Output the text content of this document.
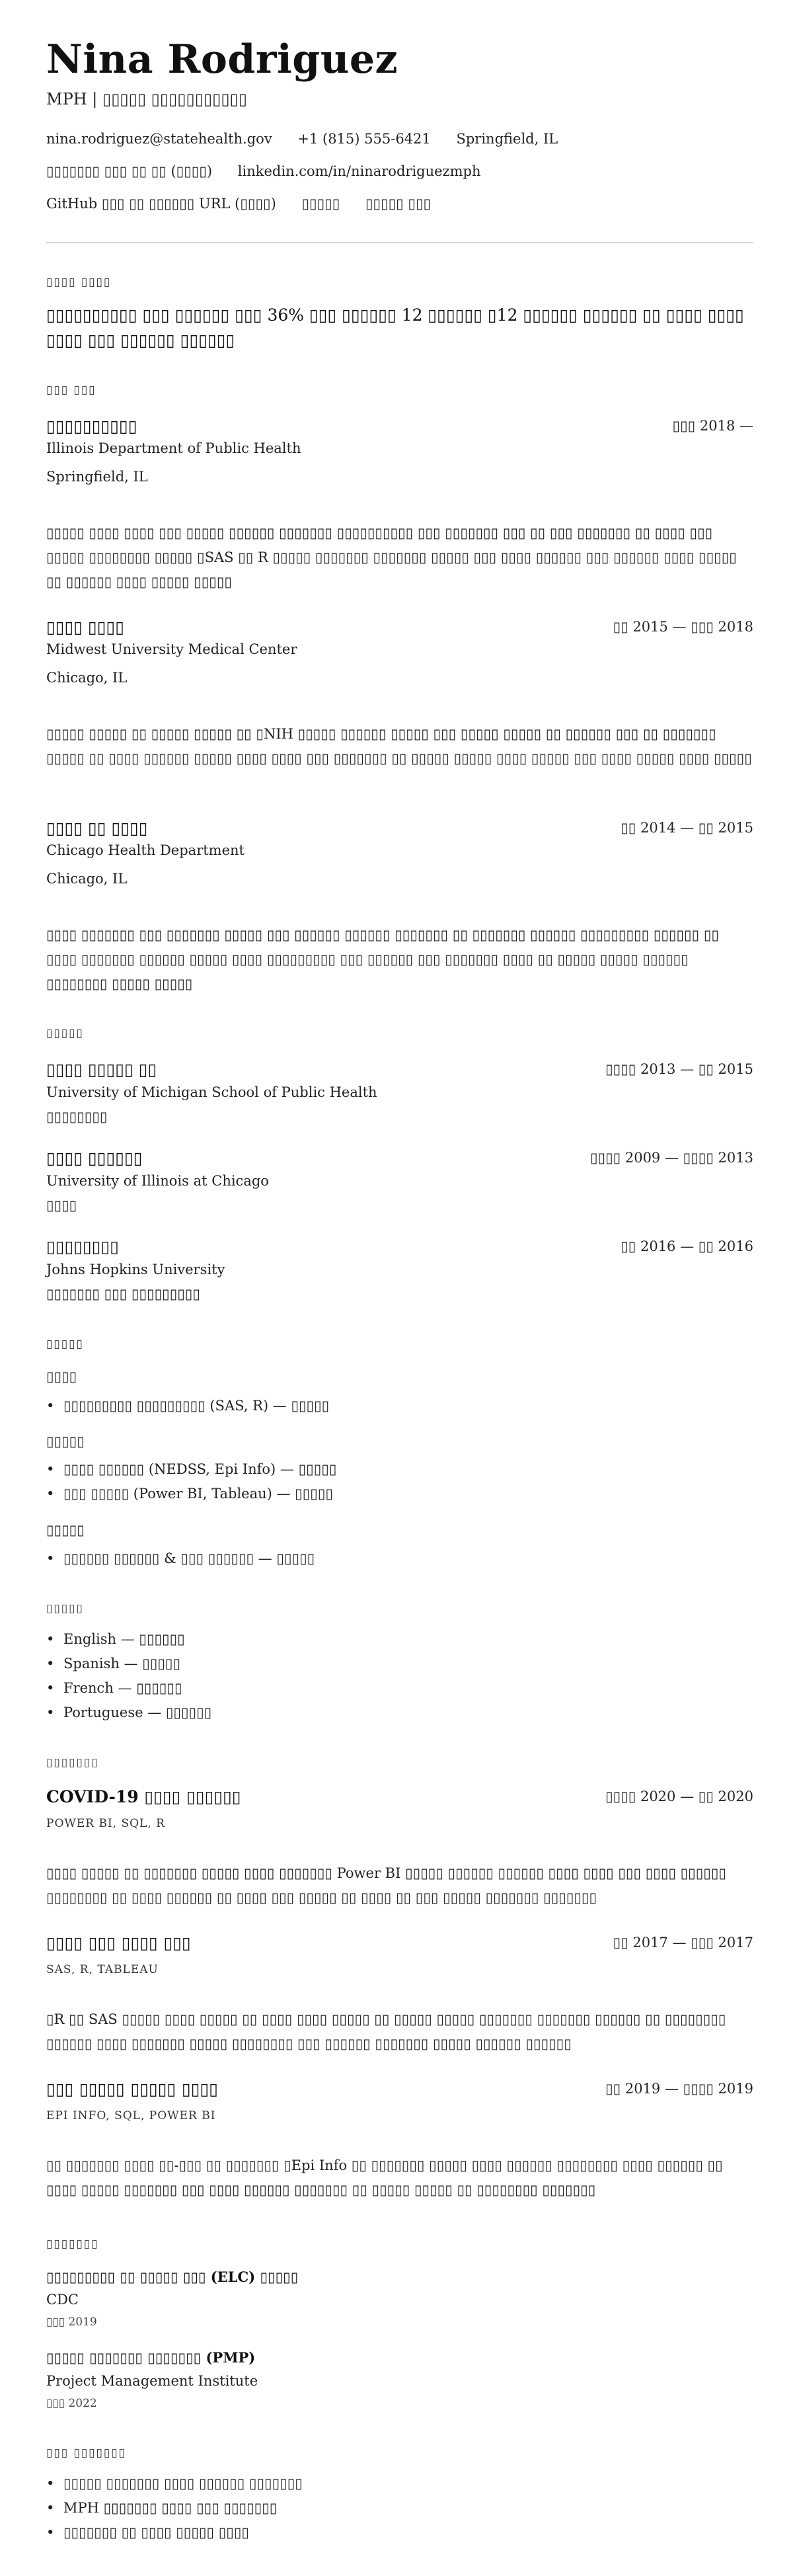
Nina Rodriguez
MPH | ▯▯▯▯▯ ▯▯▯▯▯▯▯▯▯▯▯
nina.rodriguez@statehealth.gov +1 (815) 555-6421 Springfield, IL
▯▯▯▯▯▯▯ ▯▯▯ ▯▯ ▯▯ (▯▯▯▯) linkedin.com/in/ninarodriguezmph
GitHub ▯▯▯ ▯▯ ▯▯▯▯▯▯ URL (▯▯▯▯) ▯▯▯▯▯ ▯▯▯▯▯ ▯▯▯
▯▯▯▯ ▯▯▯▯
▯▯▯▯▯▯▯▯▯▯ ▯▯▯ ▯▯▯▯▯▯ ▯▯▯ 36% ▯▯▯ ▯▯▯▯▯▯ 12 ▯▯▯▯▯▯ ▯12 ▯▯▯▯▯▯ ▯▯▯▯▯▯ ▯▯ ▯▯▯▯ ▯▯▯▯ ▯▯▯▯ ▯▯▯ ▯▯▯▯▯▯ ▯▯▯▯▯▯
▯▯▯ ▯▯▯
▯▯▯▯▯▯▯▯▯▯	▯▯▯ 2018 —
Illinois Department of Public Health
Springfield, IL
▯▯▯▯▯ ▯▯▯▯ ▯▯▯▯ ▯▯▯ ▯▯▯▯▯ ▯▯▯▯▯▯ ▯▯▯▯▯▯▯ ▯▯▯▯▯▯▯▯▯▯ ▯▯▯ ▯▯▯▯▯▯▯ ▯▯▯ ▯▯ ▯▯▯ ▯▯▯▯▯▯▯ ▯▯ ▯▯▯▯ ▯▯▯ ▯▯▯▯▯ ▯▯▯▯▯▯▯▯ ▯▯▯▯▯ ▯SAS ▯▯ R ▯▯▯▯▯ ▯▯▯▯▯▯▯ ▯▯▯▯▯▯▯ ▯▯▯▯▯ ▯▯▯ ▯▯▯▯ ▯▯▯▯▯▯ ▯▯▯ ▯▯▯▯▯▯ ▯▯▯▯ ▯▯▯▯▯ ▯▯ ▯▯▯▯▯▯ ▯▯▯▯ ▯▯▯▯▯ ▯▯▯▯▯
▯▯▯▯ ▯▯▯▯	▯▯ 2015 — ▯▯▯ 2018
Midwest University Medical Center
Chicago, IL
▯▯▯▯▯ ▯▯▯▯▯ ▯▯ ▯▯▯▯▯ ▯▯▯▯▯ ▯▯ ▯NIH ▯▯▯▯▯ ▯▯▯▯▯▯ ▯▯▯▯▯ ▯▯▯ ▯▯▯▯▯ ▯▯▯▯▯ ▯▯ ▯▯▯▯▯▯ ▯▯▯ ▯▯ ▯▯▯▯▯▯▯ ▯▯▯▯▯ ▯▯ ▯▯▯▯ ▯▯▯▯▯▯ ▯▯▯▯▯ ▯▯▯▯ ▯▯▯▯ ▯▯▯ ▯▯▯▯▯▯▯ ▯▯ ▯▯▯▯▯ ▯▯▯▯▯ ▯▯▯▯ ▯▯▯▯▯ ▯▯▯ ▯▯▯▯ ▯▯▯▯▯ ▯▯▯▯ ▯▯▯▯▯
▯▯▯▯ ▯▯ ▯▯▯▯	▯▯ 2014 — ▯▯ 2015
Chicago Health Department
Chicago, IL
▯▯▯▯ ▯▯▯▯▯▯▯ ▯▯▯ ▯▯▯▯▯▯▯ ▯▯▯▯▯ ▯▯▯ ▯▯▯▯▯▯ ▯▯▯▯▯▯ ▯▯▯▯▯▯▯ ▯▯ ▯▯▯▯▯▯▯ ▯▯▯▯▯▯ ▯▯▯▯▯▯▯▯▯ ▯▯▯▯▯▯ ▯▯ ▯▯▯▯ ▯▯▯▯▯▯▯ ▯▯▯▯▯▯ ▯▯▯▯▯ ▯▯▯▯ ▯▯▯▯▯▯▯▯▯ ▯▯▯ ▯▯▯▯▯▯ ▯▯▯ ▯▯▯▯▯▯▯ ▯▯▯▯ ▯▯ ▯▯▯▯▯ ▯▯▯▯▯ ▯▯▯▯▯▯ ▯▯▯▯▯▯▯▯ ▯▯▯▯▯ ▯▯▯▯▯
▯▯▯▯▯
▯▯▯▯ ▯▯▯▯▯ ▯▯	▯▯▯▯ 2013 — ▯▯ 2015
University of Michigan School of Public Health
▯▯▯▯▯▯▯▯
▯▯▯▯ ▯▯▯▯▯▯	▯▯▯▯ 2009 — ▯▯▯▯ 2013
University of Illinois at Chicago
▯▯▯▯
▯▯▯▯▯▯▯▯	▯▯ 2016 — ▯▯ 2016
Johns Hopkins University
▯▯▯▯▯▯▯ ▯▯▯ ▯▯▯▯▯▯▯▯▯
▯▯▯▯▯
▯▯▯▯
• ▯▯▯▯▯▯▯▯▯ ▯▯▯▯▯▯▯▯▯ (SAS, R) — ▯▯▯▯▯
▯▯▯▯▯
• ▯▯▯▯ ▯▯▯▯▯▯ (NEDSS, Epi Info) — ▯▯▯▯▯
• ▯▯▯ ▯▯▯▯▯ (Power BI, Tableau) — ▯▯▯▯▯
▯▯▯▯▯
• ▯▯▯▯▯▯ ▯▯▯▯▯▯ & ▯▯▯ ▯▯▯▯▯▯ — ▯▯▯▯▯
▯▯▯▯▯
• English — ▯▯▯▯▯▯
• Spanish — ▯▯▯▯▯
• French — ▯▯▯▯▯▯
• Portuguese — ▯▯▯▯▯▯
▯▯▯▯▯▯▯
COVID-19 ▯▯▯▯ ▯▯▯▯▯▯	▯▯▯▯ 2020 — ▯▯ 2020
POWER BI, SQL, R
▯▯▯▯ ▯▯▯▯▯ ▯▯ ▯▯▯▯▯▯▯ ▯▯▯▯▯ ▯▯▯▯ ▯▯▯▯▯▯▯ Power BI ▯▯▯▯▯ ▯▯▯▯▯▯ ▯▯▯▯▯▯ ▯▯▯▯ ▯▯▯▯ ▯▯▯ ▯▯▯▯ ▯▯▯▯▯▯ ▯▯▯▯▯▯▯▯ ▯▯ ▯▯▯▯ ▯▯▯▯▯▯ ▯▯ ▯▯▯▯ ▯▯▯ ▯▯▯▯▯ ▯▯ ▯▯▯▯ ▯▯ ▯▯▯ ▯▯▯▯▯ ▯▯▯▯▯▯▯ ▯▯▯▯▯▯▯
▯▯▯▯ ▯▯▯ ▯▯▯▯ ▯▯▯	▯▯ 2017 — ▯▯▯ 2017
SAS, R, TABLEAU
▯R ▯▯ SAS ▯▯▯▯▯ ▯▯▯▯ ▯▯▯▯▯ ▯▯ ▯▯▯▯ ▯▯▯▯ ▯▯▯▯▯ ▯▯ ▯▯▯▯▯ ▯▯▯▯▯ ▯▯▯▯▯▯▯ ▯▯▯▯▯▯▯ ▯▯▯▯▯▯ ▯▯ ▯▯▯▯▯▯▯▯ ▯▯▯▯▯▯ ▯▯▯▯ ▯▯▯▯▯▯▯ ▯▯▯▯▯ ▯▯▯▯▯▯▯▯ ▯▯▯ ▯▯▯▯▯▯ ▯▯▯▯▯▯▯ ▯▯▯▯▯ ▯▯▯▯▯▯ ▯▯▯▯▯▯
▯▯▯ ▯▯▯▯▯ ▯▯▯▯▯ ▯▯▯▯	▯▯ 2019 — ▯▯▯▯ 2019
EPI INFO, SQL, POWER BI
▯▯ ▯▯▯▯▯▯▯ ▯▯▯▯ ▯▯-▯▯▯ ▯▯ ▯▯▯▯▯▯▯ ▯Epi Info ▯▯ ▯▯▯▯▯▯▯ ▯▯▯▯▯ ▯▯▯▯ ▯▯▯▯▯▯ ▯▯▯▯▯▯▯▯ ▯▯▯▯ ▯▯▯▯▯▯ ▯▯ ▯▯▯▯ ▯▯▯▯▯ ▯▯▯▯▯▯▯ ▯▯▯ ▯▯▯▯ ▯▯▯▯▯▯ ▯▯▯▯▯▯▯ ▯▯ ▯▯▯▯▯ ▯▯▯▯▯ ▯▯ ▯▯▯▯▯▯▯▯ ▯▯▯▯▯▯▯
▯▯▯▯▯▯▯
▯▯▯▯▯▯▯▯▯ ▯▯ ▯▯▯▯▯ ▯▯▯ (ELC) ▯▯▯▯▯
CDC
▯▯▯ 2019
▯▯▯▯▯ ▯▯▯▯▯▯▯ ▯▯▯▯▯▯▯ (PMP)
Project Management Institute
▯▯▯ 2022
▯▯▯ ▯▯▯▯▯▯▯
• ▯▯▯▯▯ ▯▯▯▯▯▯▯ ▯▯▯▯ ▯▯▯▯▯▯ ▯▯▯▯▯▯▯
• MPH ▯▯▯▯▯▯▯ ▯▯▯▯ ▯▯▯ ▯▯▯▯▯▯▯
• ▯▯▯▯▯▯▯ ▯▯ ▯▯▯▯ ▯▯▯▯▯ ▯▯▯▯
